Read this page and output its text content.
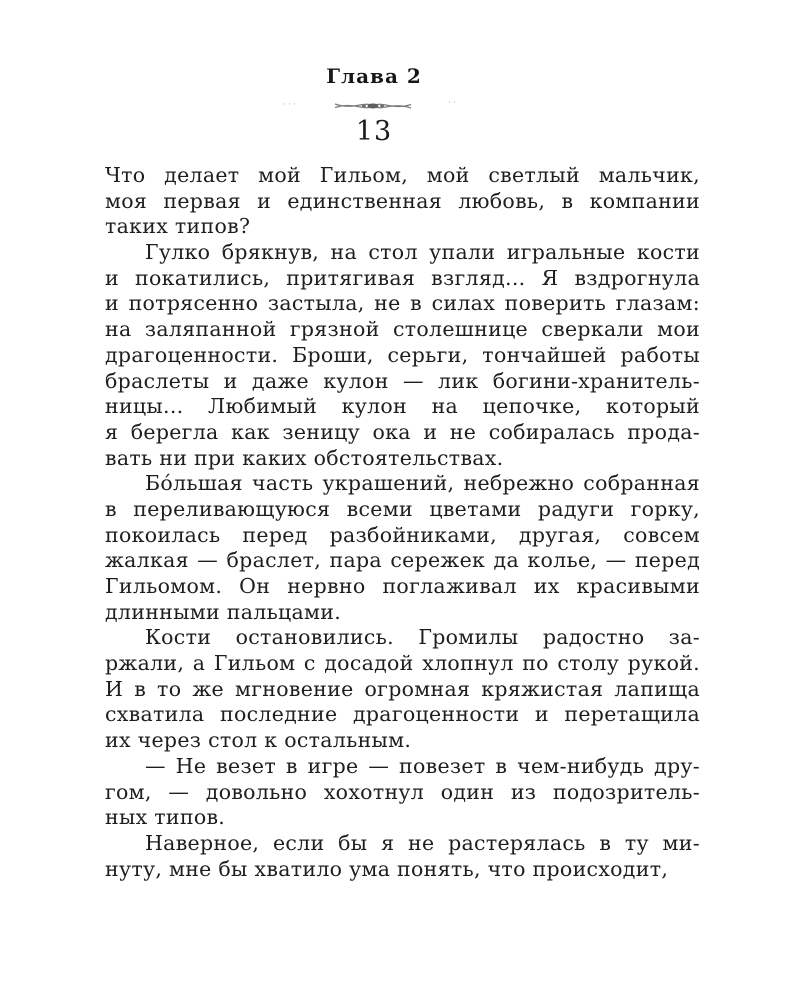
Глава 2
···	··
13
Что делает мой Гильом, мой светлый мальчик,
моя первая и единственная любовь, в компании
таких типов?
Гулко брякнув, на стол упали игральные кости
и покатились, притягивая взгляд... Я вздрогнула
и потрясенно застыла, не в силах поверить глазам:
на заляпанной грязной столешнице сверкали мои
драгоценности. Броши, серьги, тончайшей работы
браслеты и даже кулон — лик богини-хранитель-
ницы... Любимый кулон на цепочке, который
я берегла как зеницу ока и не собиралась прода-
вать ни при каких обстоятельствах.
Бо́льшая часть украшений, небрежно собранная
в переливающуюся всеми цветами радуги горку,
покоилась перед разбойниками, другая, совсем
жалкая — браслет, пара сережек да колье, — перед
Гильомом. Он нервно поглаживал их красивыми
длинными пальцами.
Кости остановились. Громилы радостно за-
ржали, а Гильом с досадой хлопнул по столу рукой.
И в то же мгновение огромная кряжистая лапища
схватила последние драгоценности и перетащила
их через стол к остальным.
— Не везет в игре — повезет в чем-нибудь дру-
гом, — довольно хохотнул один из подозритель-
ных типов.
Наверное, если бы я не растерялась в ту ми-
нуту, мне бы хватило ума понять, что происходит,
